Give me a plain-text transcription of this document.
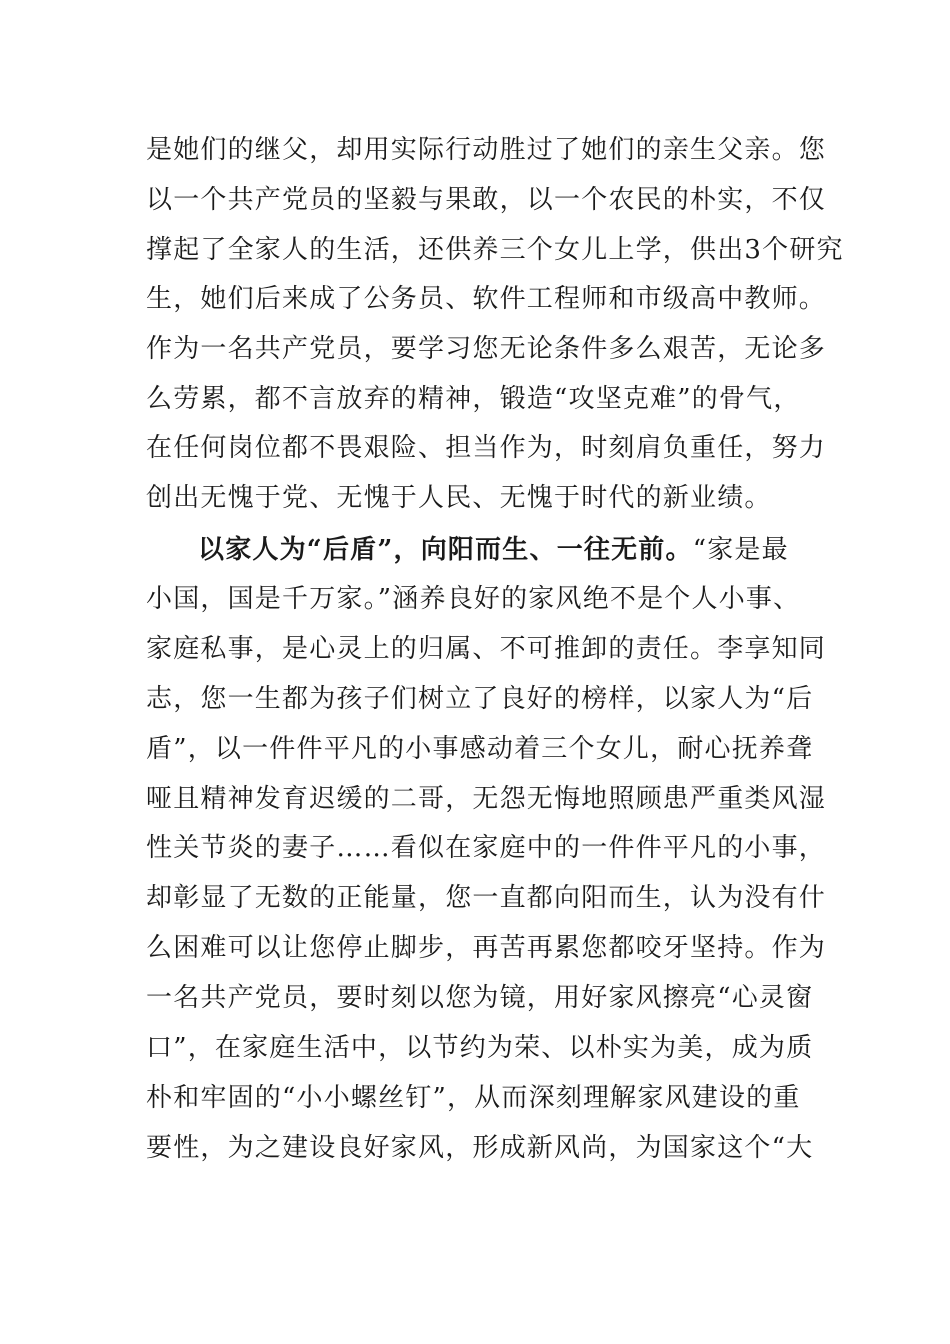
是她们的继父，却用实际行动胜过了她们的亲生父亲。您
以一个共产党员的坚毅与果敢，以一个农民的朴实，不仅
撑起了全家人的生活，还供养三个女儿上学，供出3个研究
生，她们后来成了公务员、软件工程师和市级高中教师。
作为一名共产党员，要学习您无论条件多么艰苦，无论多
么劳累，都不言放弃的精神，锻造“攻坚克难”的骨气，
在任何岗位都不畏艰险、担当作为，时刻肩负重任，努力
创出无愧于党、无愧于人民、无愧于时代的新业绩。
以家人为“后盾”，向阳而生、一往无前。“家是最
小国，国是千万家。”涵养良好的家风绝不是个人小事、
家庭私事，是心灵上的归属、不可推卸的责任。李享知同
志，您一生都为孩子们树立了良好的榜样，以家人为“后
盾”，以一件件平凡的小事感动着三个女儿，耐心抚养聋
哑且精神发育迟缓的二哥，无怨无悔地照顾患严重类风湿
性关节炎的妻子……看似在家庭中的一件件平凡的小事，
却彰显了无数的正能量，您一直都向阳而生，认为没有什
么困难可以让您停止脚步，再苦再累您都咬牙坚持。作为
一名共产党员，要时刻以您为镜，用好家风擦亮“心灵窗
口”，在家庭生活中，以节约为荣、以朴实为美，成为质
朴和牢固的“小小螺丝钉”，从而深刻理解家风建设的重
要性，为之建设良好家风，形成新风尚，为国家这个“大
